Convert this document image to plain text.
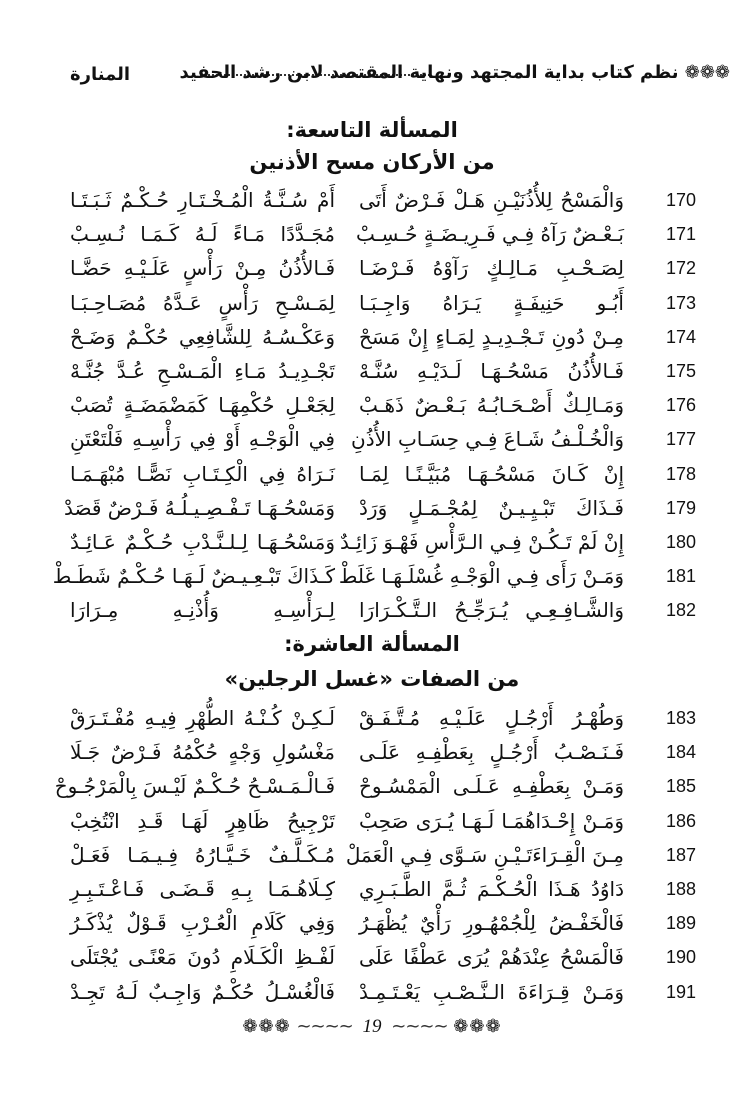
المنارة	❁❁❁ نظم كتاب بداية المجتهد ونهاية المقتصد لابن رشد الحفيد
المسألة التاسعة:
من الأركان مسح الأذنين
170
وَالْمَسْحُ لِلأُذُنَيْـنِ هَـلْ فَـرْضٌ أَتَى
أَمْ سُـنَّـةُ الْمُـخْـتَـارِ حُـكْـمٌ ثَـبَـتَـا
171
بَـعْـضٌ رَآهُ فِـي فَـرِيـضَـةٍ حُـسِـبْ
مُجَـدَّدًا مَـاءً لَـهُ كَـمَـا نُـسِـبْ
172
لِصَـحْـبِ مَـالِـكٍ رَآوْهُ فَـرْضَـا
فَـالأُذُنُ مِـنْ رَأْسٍ عَلَـيْـهِ حَضَّـا
173
أَبُـو حَنِيفَـةٍ يَـرَاهُ وَاجِـبَـا
لِمَـسْـحِ رَأْسٍ عَـدَّهُ مُصَـاحِـبَـا
174
مِـنْ دُونِ تَـجْـدِيـدٍ لِمَـاءٍ إِنْ مَسَحْ
وَعَكْـسُـهُ لِلشَّافِعِي حُكْـمٌ وَضَـحْ
175
فَـالأُذُنُ مَسْحُـهَـا لَـدَيْـهِ سُنَّـهْ
تَجْـدِيـدُ مَـاءِ الْمَـسْـحِ عُـدَّ جُنَّـهْ
176
وَمَـالِـكٌ أَصْـحَـابُـهُ بَـعْـضٌ ذَهَـبْ
لِجَعْـلِ حُكْمِهَـا كَمَضْمَضَـةٍ تُصَبْ
177
وَالْخُـلْـفُ شَـاعَ فِـي حِسَـابِ الأُذُنِ
فِي الْوَجْـهِ أَوْ فِي رَأْسِـهِ فَلْتَعْتَنِ
178
إِنْ كَـانَ مَسْحُـهَـا مُبَيَّـنًـا لِمَـا
نَـرَاهُ فِي الْكِـتَـابِ نَصًّـا مُبْهَـمَـا
179
فَـذَاكَ تَبْـيِـيـنٌ لِمُجْـمَـلٍ وَرَدْ
وَمَسْحُـهَـا تَـفْـصِـيـلُـهُ فَـرْضٌ قَصَدْ
180
إِنْ لَمْ تَـكُـنْ فِـي الـرَّأْسِ فَهْـوَ زَائِـدٌ
وَمَسْحُـهَـا لِـلـنَّـدْبِ حُـكْـمٌ عَـائِـدٌ
181
وَمَـنْ رَأَى فِـي الْوَجْـهِ غُسْلَـهَـا غَلَطْ
كَـذَاكَ تَبْـعِـيـضٌ لَـهَـا حُـكْـمٌ شَطَـطْ
182
وَالشَّـافِـعِـي يُـرَجِّـحُ الـتَّـكْـرَارَا
لِـرَأْسِـهِ وَأُذْنِـهِ مِـرَارَا
المسألة العاشرة:
من الصفات «غسل الرجلين»
183
وَطُهْـرُ أَرْجُـلٍ عَلَـيْـهِ مُـتَّـفَـقْ
لَـكِـنْ كُـنْـهُ الطُّهْرِ فِيـهِ مُفْـتَـرَقْ
184
فَـنَـصْـبُ أَرْجُـلٍ بِعَطْفِـهِ عَلَـى
مَغْسُولِ وَجْهٍ حُكْمُهُ فَـرْضٌ جَـلَا
185
وَمَـنْ بِعَطْفِـهِ عَـلَـى الْمَمْسُـوحْ
فَـالْـمَـسْـحُ حُـكْـمٌ لَيْـسَ بِالْمَرْجُـوحْ
186
وَمَـنْ إِحْـدَاهُمَـا لَـهَـا يُـرَى صَحِبْ
تَرْجِيحُ ظَاهِرٍ لَهَـا قَـدِ انْتُخِبْ
187
مِـنَ الْقِـرَاءَتَـيْـنِ سَـوَّى فِـي الْعَمَلْ
مُـكَـلَّـفٌ خَـيَّـارُهُ فِـيـمَـا فَعَـلْ
188
دَاوُدُ هَـذَا الْحُـكْـمَ ثُـمَّ الطَّـبَـرِي
كِـلَاهُـمَـا بِـهِ قَـضَـى فَـاعْـتَـبِـرِ
189
فَالْخَفْـضُ لِلْجُمْهُـورِ رَأْيٌ يُظْهَـرُ
وَفِي كَلَامِ الْعُـرْبِ قَـوْلٌ يُذْكَـرُ
190
فَالْمَسْحُ عِنْدَهُمْ يُرَى عَطْفًا عَلَى
لَفْـظِ الْكَـلَامِ دُونَ مَعْنًـى يُجْتَلَى
191
وَمَـنْ قِـرَاءَةَ الـنَّـصْـبِ يَعْـتَـمِـدْ
فَالْغُسْـلُ حُكْـمٌ وَاجِـبٌ لَـهُ تَجِـدْ
❁❁❁ ~~~~ 19 ~~~~ ❁❁❁
